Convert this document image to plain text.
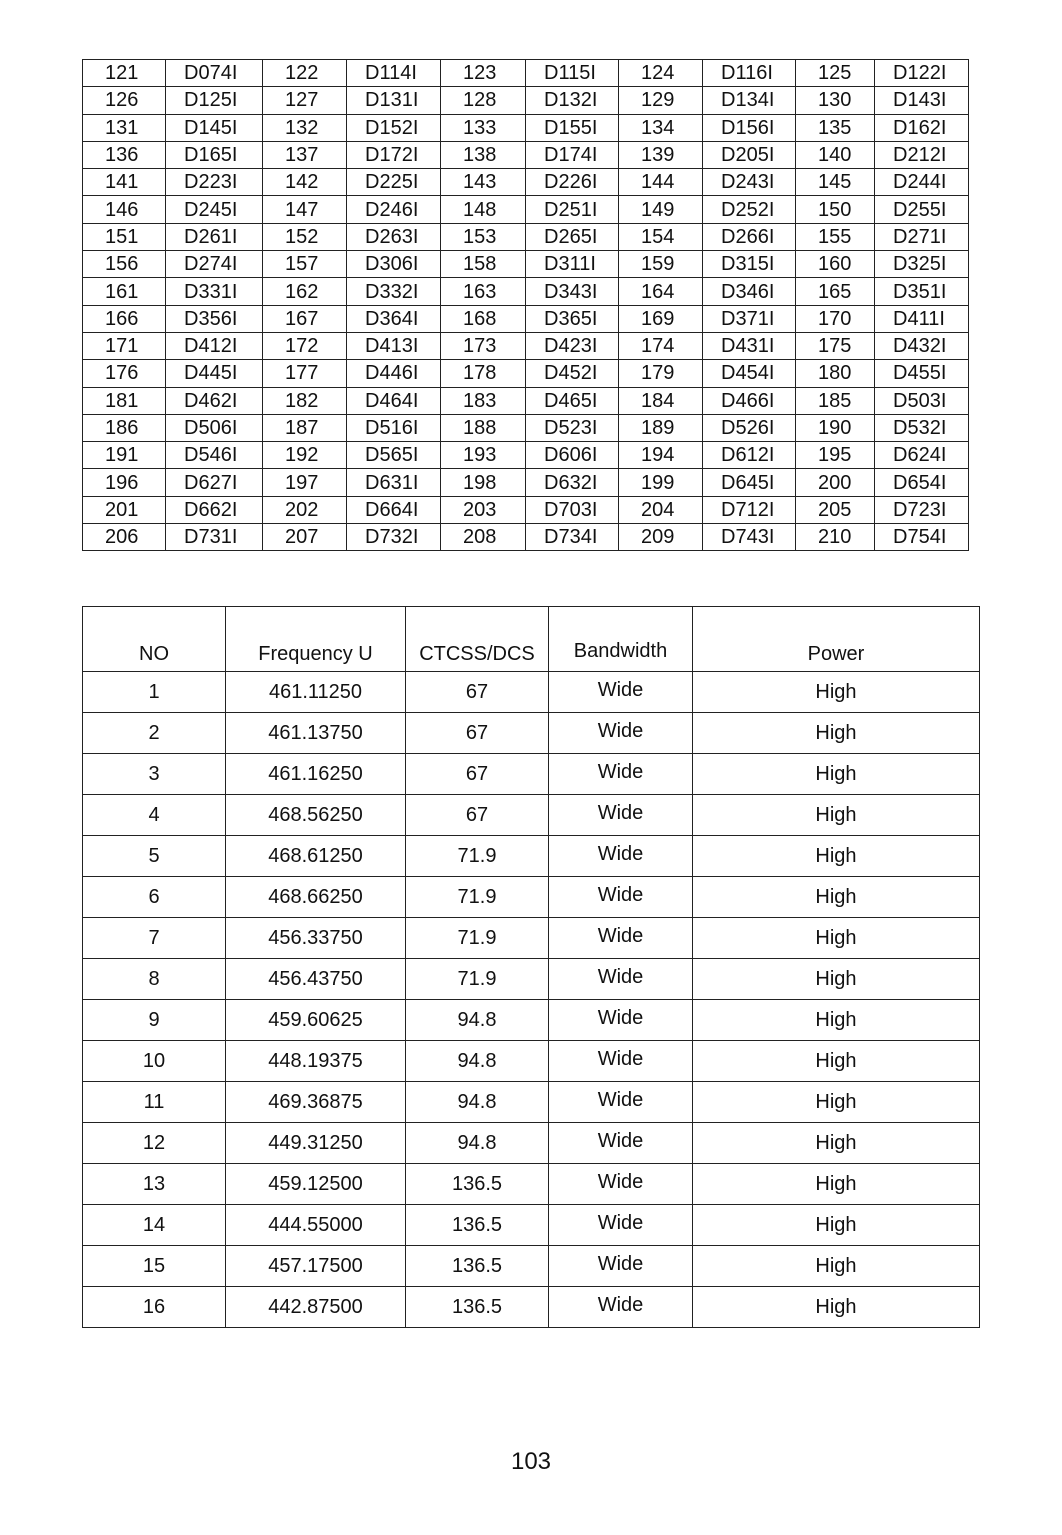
121	D074I	122	D114I	123	D115I	124	D116I	125	D122I
126	D125I	127	D131I	128	D132I	129	D134I	130	D143I
131	D145I	132	D152I	133	D155I	134	D156I	135	D162I
136	D165I	137	D172I	138	D174I	139	D205I	140	D212I
141	D223I	142	D225I	143	D226I	144	D243I	145	D244I
146	D245I	147	D246I	148	D251I	149	D252I	150	D255I
151	D261I	152	D263I	153	D265I	154	D266I	155	D271I
156	D274I	157	D306I	158	D311I	159	D315I	160	D325I
161	D331I	162	D332I	163	D343I	164	D346I	165	D351I
166	D356I	167	D364I	168	D365I	169	D371I	170	D411I
171	D412I	172	D413I	173	D423I	174	D431I	175	D432I
176	D445I	177	D446I	178	D452I	179	D454I	180	D455I
181	D462I	182	D464I	183	D465I	184	D466I	185	D503I
186	D506I	187	D516I	188	D523I	189	D526I	190	D532I
191	D546I	192	D565I	193	D606I	194	D612I	195	D624I
196	D627I	197	D631I	198	D632I	199	D645I	200	D654I
201	D662I	202	D664I	203	D703I	204	D712I	205	D723I
206	D731I	207	D732I	208	D734I	209	D743I	210	D754I
NO	Frequency U	CTCSS/DCS	Bandwidth	Power
1	461.11250	67	Wide	High
2	461.13750	67	Wide	High
3	461.16250	67	Wide	High
4	468.56250	67	Wide	High
5	468.61250	71.9	Wide	High
6	468.66250	71.9	Wide	High
7	456.33750	71.9	Wide	High
8	456.43750	71.9	Wide	High
9	459.60625	94.8	Wide	High
10	448.19375	94.8	Wide	High
11	469.36875	94.8	Wide	High
12	449.31250	94.8	Wide	High
13	459.12500	136.5	Wide	High
14	444.55000	136.5	Wide	High
15	457.17500	136.5	Wide	High
16	442.87500	136.5	Wide	High
103
